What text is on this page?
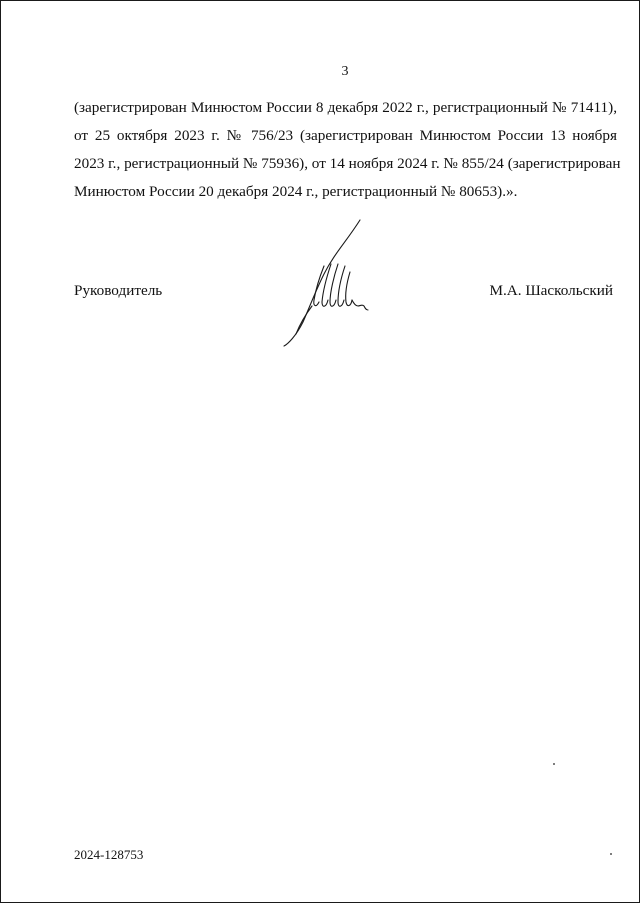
3

(зарегистрирован Минюстом России 8 декабря 2022 г., регистрационный № 71411),
от 25 октября 2023 г. № 756/23 (зарегистрирован Минюстом России 13 ноября
2023 г., регистрационный № 75936), от 14 ноября 2024 г. № 855/24 (зарегистрирован
Минюстом России 20 декабря 2024 г., регистрационный № 80653).».

Руководитель	М.А. Шаскольский
2024-128753
